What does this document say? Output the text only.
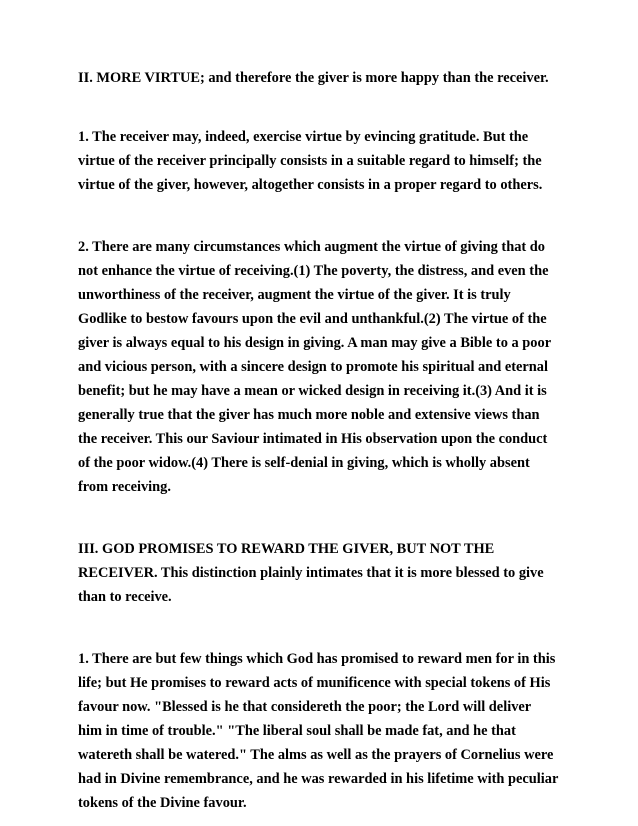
II. MORE VIRTUE; and therefore the giver is more happy than the receiver.

1. The receiver may, indeed, exercise virtue by evincing gratitude. But the
virtue of the receiver principally consists in a suitable regard to himself; the
virtue of the giver, however, altogether consists in a proper regard to others.

2. There are many circumstances which augment the virtue of giving that do
not enhance the virtue of receiving.(1) The poverty, the distress, and even the
unworthiness of the receiver, augment the virtue of the giver. It is truly
Godlike to bestow favours upon the evil and unthankful.(2) The virtue of the
giver is always equal to his design in giving. A man may give a Bible to a poor
and vicious person, with a sincere design to promote his spiritual and eternal
benefit; but he may have a mean or wicked design in receiving it.(3) And it is
generally true that the giver has much more noble and extensive views than
the receiver. This our Saviour intimated in His observation upon the conduct
of the poor widow.(4) There is self-denial in giving, which is wholly absent
from receiving.

III. GOD PROMISES TO REWARD THE GIVER, BUT NOT THE
RECEIVER. This distinction plainly intimates that it is more blessed to give
than to receive.

1. There are but few things which God has promised to reward men for in this
life; but He promises to reward acts of munificence with special tokens of His
favour now. "Blessed is he that considereth the poor; the Lord will deliver
him in time of trouble." "The liberal soul shall be made fat, and he that
watereth shall be watered." The alms as well as the prayers of Cornelius were
had in Divine remembrance, and he was rewarded in his lifetime with peculiar
tokens of the Divine favour.
